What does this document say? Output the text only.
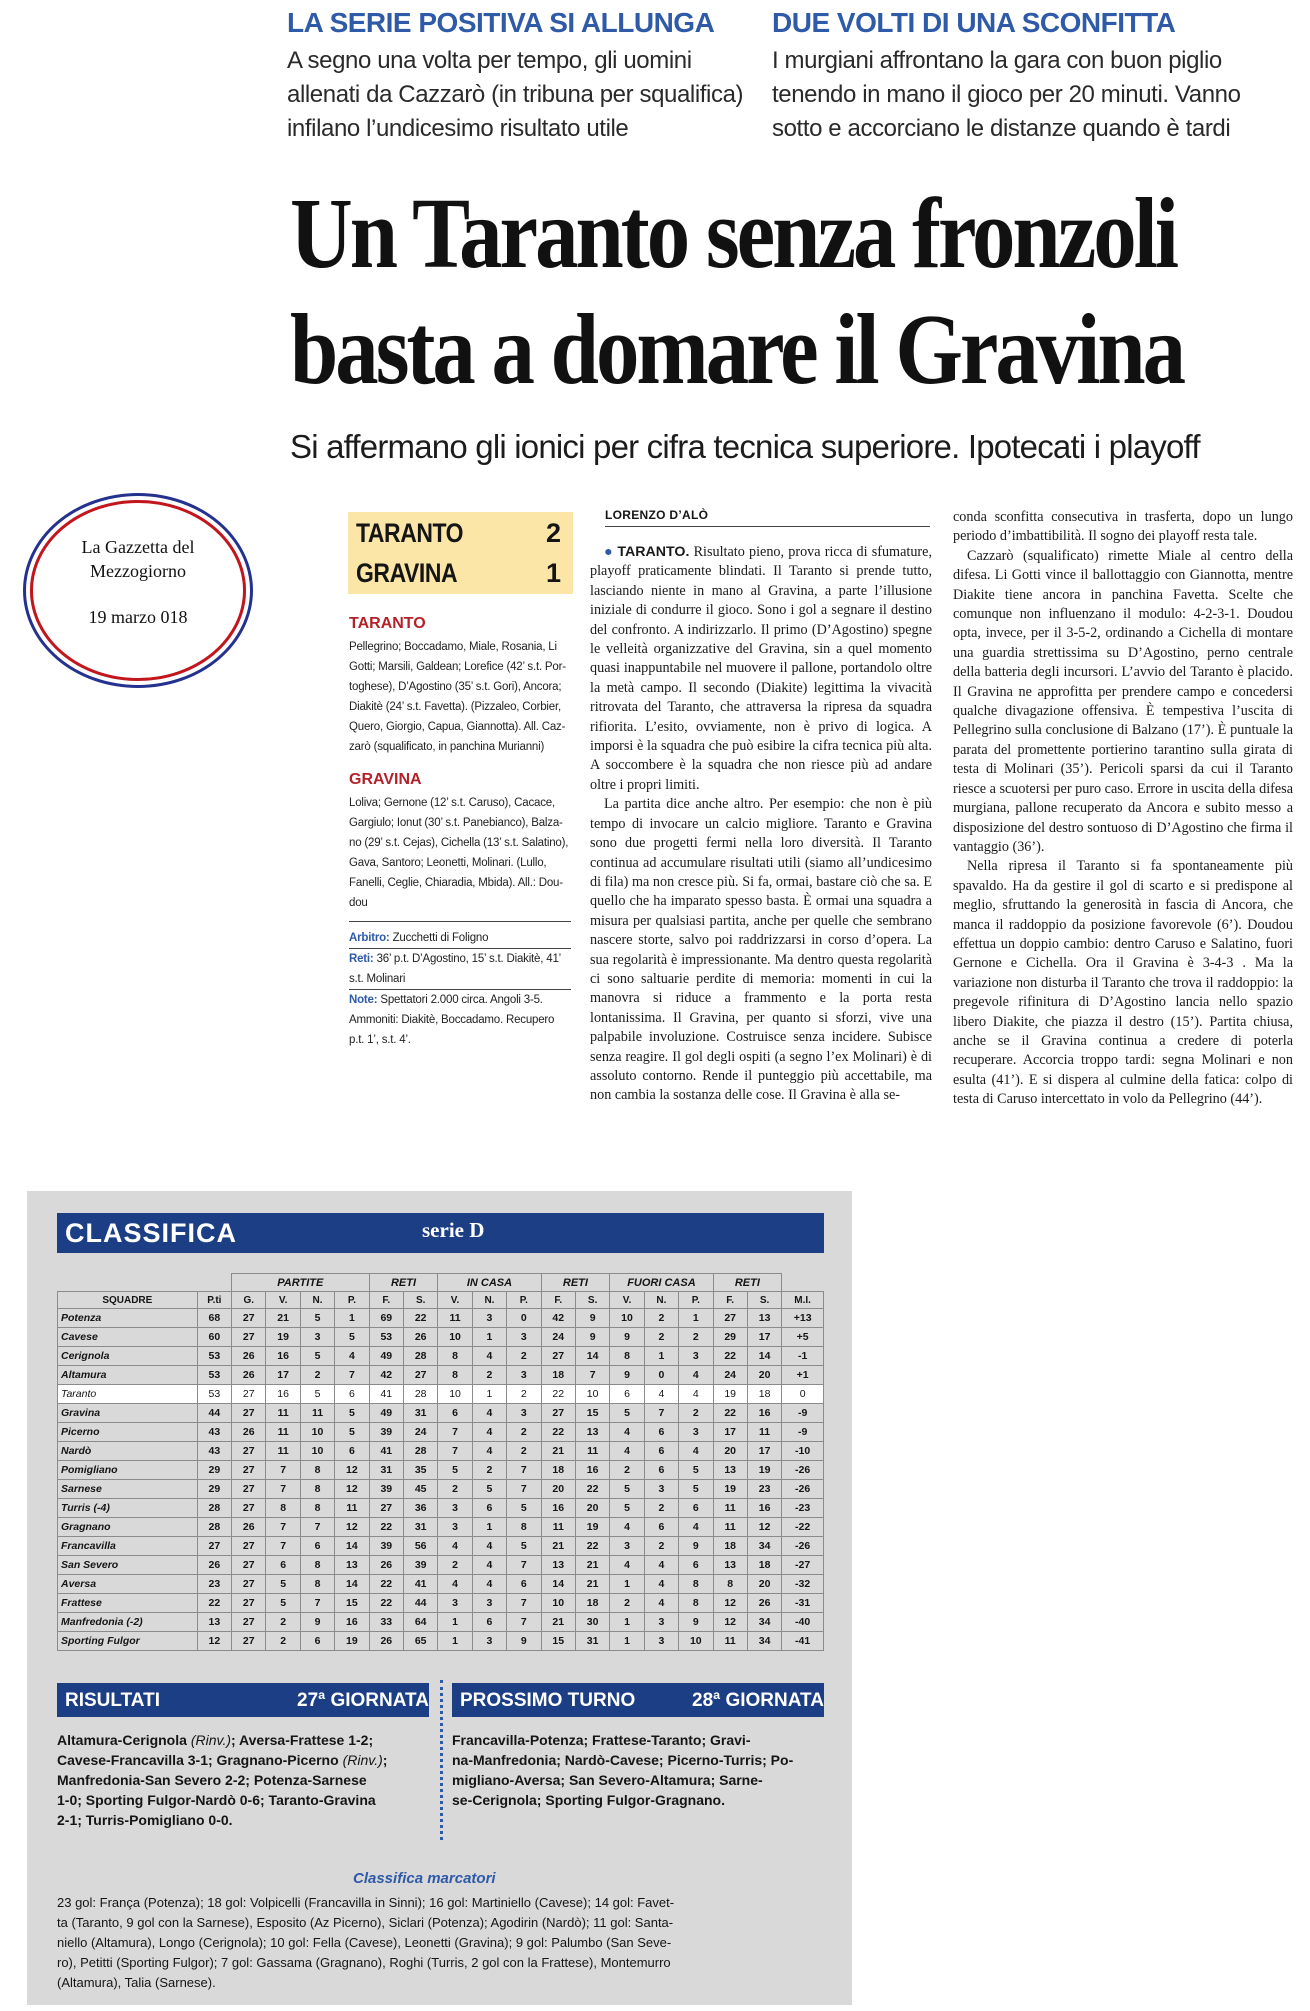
LA SERIE POSITIVA SI ALLUNGA
A segno una volta per tempo, gli uomini
allenati da Cazzarò (in tribuna per squalifica)
infilano l’undicesimo risultato utile
DUE VOLTI DI UNA SCONFITTA
I murgiani affrontano la gara con buon piglio
tenendo in mano il gioco per 20 minuti. Vanno
sotto e accorciano le distanze quando è tardi
Un Taranto senza fronzoli
basta a domare il Gravina
Si affermano gli ionici per cifra tecnica superiore. Ipotecati i playoff
La Gazzetta del
Mezzogiorno
19 marzo 018
TARANTO	2
GRAVINA	1
TARANTO
Pellegrino; Boccadamo, Miale, Rosania, Li
Gotti; Marsili, Galdean; Lorefice (42’ s.t. Por-
toghese), D’Agostino (35’ s.t. Gori), Ancora;
Diakitè (24’ s.t. Favetta). (Pizzaleo, Corbier,
Quero, Giorgio, Capua, Giannotta). All. Caz-
zarò (squalificato, in panchina Murianni)
GRAVINA
Loliva; Gernone (12’ s.t. Caruso), Cacace,
Gargiulo; Ionut (30’ s.t. Panebianco), Balza-
no (29’ s.t. Cejas), Cichella (13’ s.t. Salatino),
Gava, Santoro; Leonetti, Molinari. (Lullo,
Fanelli, Ceglie, Chiaradia, Mbida). All.: Dou-
dou
Arbitro: Zucchetti di Foligno
Reti: 36’ p.t. D’Agostino, 15’ s.t. Diakitè, 41’
s.t. Molinari
Note: Spettatori 2.000 circa. Angoli 3-5.
Ammoniti: Diakitè, Boccadamo. Recupero
p.t. 1’, s.t. 4’.
LORENZO D’ALÒ

● TARANTO. Risultato pieno, prova ricca di sfumature, playoff praticamente blindati. Il Taranto si prende tutto, lasciando niente in mano al Gravina, a parte l’illusione iniziale di condurre il gioco. Sono i gol a segnare il destino del confronto. A indirizzarlo. Il primo (D’Agostino) spegne le velleità organizzative del Gravina, sin a quel momento quasi inappuntabile nel muovere il pallone, portandolo oltre la metà campo. Il secondo (Diakite) legittima la vivacità ritrovata del Taranto, che attraversa la ripresa da squadra rifiorita. L’esito, ovviamente, non è privo di logica. A imporsi è la squadra che può esibire la cifra tecnica più alta. A soccombere è la squadra che non riesce più ad andare oltre i propri limiti.

La partita dice anche altro. Per esempio: che non è più tempo di invocare un calcio migliore. Taranto e Gravina sono due progetti fermi nella loro diversità. Il Taranto continua ad accumulare risultati utili (siamo all’undicesimo di fila) ma non cresce più. Si fa, ormai, bastare ciò che sa. E quello che ha imparato spesso basta. È ormai una squadra a misura per qualsiasi partita, anche per quelle che sembrano nascere storte, salvo poi raddrizzarsi in corso d’opera. La sua regolarità è impressionante. Ma dentro questa regolarità ci sono saltuarie perdite di memoria: momenti in cui la manovra si riduce a frammento e la porta resta lontanissima. Il Gravina, per quanto si sforzi, vive una palpabile involuzione. Costruisce senza incidere. Subisce senza reagire. Il gol degli ospiti (a segno l’ex Molinari) è di assoluto contorno. Rende il punteggio più accettabile, ma non cambia la sostanza delle cose. Il Gravina è alla se-

conda sconfitta consecutiva in trasferta, dopo un lungo periodo d’imbattibilità. Il sogno dei playoff resta tale.

Cazzarò (squalificato) rimette Miale al centro della difesa. Li Gotti vince il ballottaggio con Giannotta, mentre Diakite tiene ancora in panchina Favetta. Scelte che comunque non influenzano il modulo: 4-2-3-1. Doudou opta, invece, per il 3-5-2, ordinando a Cichella di montare una guardia strettissima su D’Agostino, perno centrale della batteria degli incursori. L’avvio del Taranto è placido. Il Gravina ne approfitta per prendere campo e concedersi qualche divagazione offensiva. È tempestiva l’uscita di Pellegrino sulla conclusione di Balzano (17’). È puntuale la parata del promettente portierino tarantino sulla girata di testa di Molinari (35’). Pericoli sparsi da cui il Taranto riesce a scuotersi per puro caso. Errore in uscita della difesa murgiana, pallone recuperato da Ancora e subito messo a disposizione del destro sontuoso di D’Agostino che firma il vantaggio (36’).

Nella ripresa il Taranto si fa spontaneamente più spavaldo. Ha da gestire il gol di scarto e si predispone al meglio, sfruttando la generosità in fascia di Ancora, che manca il raddoppio da posizione favorevole (6’). Doudou effettua un doppio cambio: dentro Caruso e Salatino, fuori Gernone e Cichella. Ora il Gravina è 3-4-3 . Ma la variazione non disturba il Taranto che trova il raddoppio: la pregevole rifinitura di D’Agostino lancia nello spazio libero Diakite, che piazza il destro (15’). Partita chiusa, anche se il Gravina continua a credere di poterla recuperare. Accorcia troppo tardi: segna Molinari e non esulta (41’). E si dispera al culmine della fatica: colpo di testa di Caruso intercettato in volo da Pellegrino (44’).

CLASSIFICA	serie D
		PARTITE				RETI		IN CASA			RETI		FUORI CASA			RETI		
SQUADRE	P.ti	G.	V.	N.	P.	F.	S.	V.	N.	P.	F.	S.	V.	N.	P.	F.	S.	M.I.
Potenza	68	27	21	5	1	69	22	11	3	0	42	9	10	2	1	27	13	+13
Cavese	60	27	19	3	5	53	26	10	1	3	24	9	9	2	2	29	17	+5
Cerignola	53	26	16	5	4	49	28	8	4	2	27	14	8	1	3	22	14	-1
Altamura	53	26	17	2	7	42	27	8	2	3	18	7	9	0	4	24	20	+1
Taranto	53	27	16	5	6	41	28	10	1	2	22	10	6	4	4	19	18	0
Gravina	44	27	11	11	5	49	31	6	4	3	27	15	5	7	2	22	16	-9
Picerno	43	26	11	10	5	39	24	7	4	2	22	13	4	6	3	17	11	-9
Nardò	43	27	11	10	6	41	28	7	4	2	21	11	4	6	4	20	17	-10
Pomigliano	29	27	7	8	12	31	35	5	2	7	18	16	2	6	5	13	19	-26
Sarnese	29	27	7	8	12	39	45	2	5	7	20	22	5	3	5	19	23	-26
Turris (-4)	28	27	8	8	11	27	36	3	6	5	16	20	5	2	6	11	16	-23
Gragnano	28	26	7	7	12	22	31	3	1	8	11	19	4	6	4	11	12	-22
Francavilla	27	27	7	6	14	39	56	4	4	5	21	22	3	2	9	18	34	-26
San Severo	26	27	6	8	13	26	39	2	4	7	13	21	4	4	6	13	18	-27
Aversa	23	27	5	8	14	22	41	4	4	6	14	21	1	4	8	8	20	-32
Frattese	22	27	5	7	15	22	44	3	3	7	10	18	2	4	8	12	26	-31
Manfredonia (-2)	13	27	2	9	16	33	64	1	6	7	21	30	1	3	9	12	34	-40
Sporting Fulgor	12	27	2	6	19	26	65	1	3	9	15	31	1	3	10	11	34	-41
RISULTATI	27ª GIORNATA PROSSIMO TURNO	28ª GIORNATA
Altamura-Cerignola (Rinv.); Aversa-Frattese 1-2;
Cavese-Francavilla 3-1; Gragnano-Picerno (Rinv.);
Manfredonia-San Severo 2-2; Potenza-Sarnese
1-0; Sporting Fulgor-Nardò 0-6; Taranto-Gravina
2-1; Turris-Pomigliano 0-0.
Francavilla-Potenza; Frattese-Taranto; Gravi-
na-Manfredonia; Nardò-Cavese; Picerno-Turris; Po-
migliano-Aversa; San Severo-Altamura; Sarne-
se-Cerignola; Sporting Fulgor-Gragnano.
Classifica marcatori
23 gol: França (Potenza); 18 gol: Volpicelli (Francavilla in Sinni); 16 gol: Martiniello (Cavese); 14 gol: Favet-
ta (Taranto, 9 gol con la Sarnese), Esposito (Az Picerno), Siclari (Potenza); Agodirin (Nardò); 11 gol: Santa-
niello (Altamura), Longo (Cerignola); 10 gol: Fella (Cavese), Leonetti (Gravina); 9 gol: Palumbo (San Seve-
ro), Petitti (Sporting Fulgor); 7 gol: Gassama (Gragnano), Roghi (Turris, 2 gol con la Frattese), Montemurro
(Altamura), Talia (Sarnese).
